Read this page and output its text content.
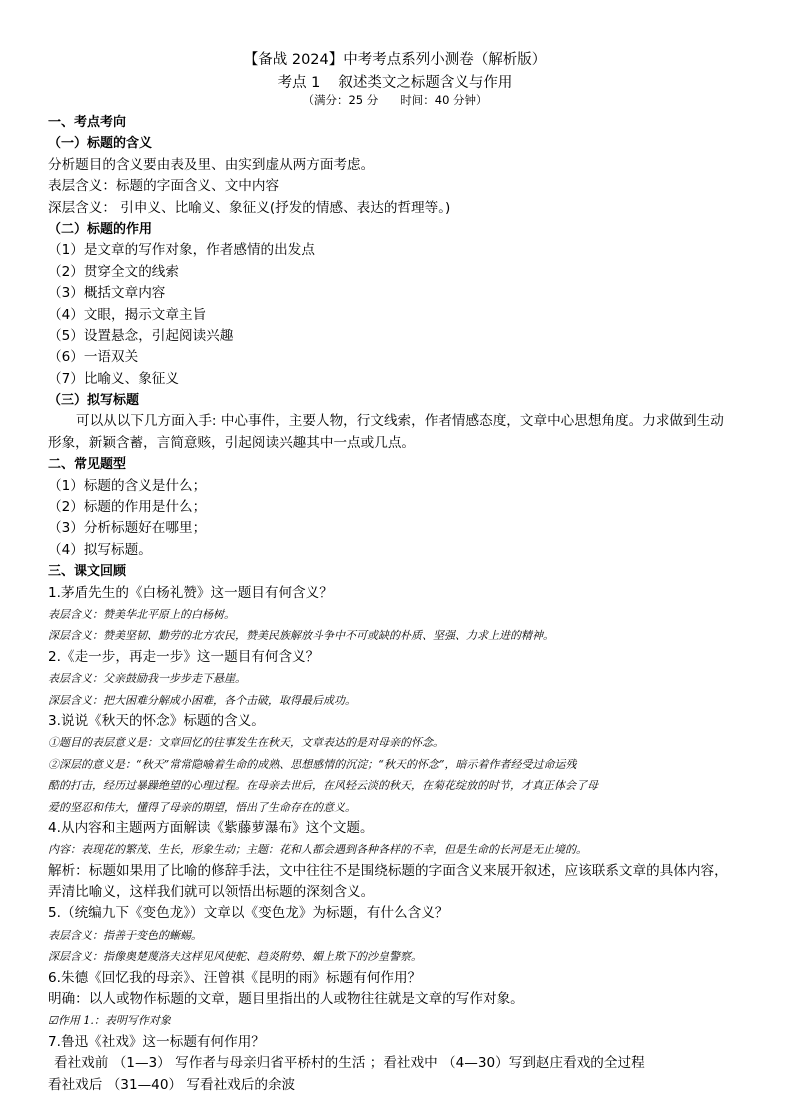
【备战 2024】中考考点系列小测卷（解析版）
考点 1 叙述类文之标题含义与作用
（满分：25 分 时间：40 分钟）
一、考点考向
（一）标题的含义
分析题目的含义要由表及里、由实到虚从两方面考虑。
表层含义：标题的字面含义、文中内容
深层含义： 引申义、比喻义、象征义(抒发的情感、表达的哲理等。)
（二）标题的作用
（1）是文章的写作对象，作者感情的出发点
（2）贯穿全文的线索
（3）概括文章内容
（4）文眼，揭示文章主旨
（5）设置悬念，引起阅读兴趣
（6）一语双关
（7）比喻义、象征义
（三）拟写标题
可以从以下几方面入手: 中心事件，主要人物，行文线索，作者情感态度，文章中心思想角度。力求做到生动
形象，新颖含蓄，言简意赅，引起阅读兴趣其中一点或几点。
二、常见题型
（1）标题的含义是什么；
（2）标题的作用是什么；
（3）分析标题好在哪里；
（4）拟写标题。
三、课文回顾
1.茅盾先生的《白杨礼赞》这一题目有何含义？
表层含义：赞美华北平原上的白杨树。
深层含义：赞美坚韧、勤劳的北方农民，赞美民族解放斗争中不可或缺的朴质、坚强、力求上进的精神。
2.《走一步，再走一步》这一题目有何含义？
表层含义：父亲鼓励我一步步走下悬崖。
深层含义：把大困难分解成小困难，各个击破，取得最后成功。
3.说说《秋天的怀念》标题的含义。
①题目的表层意义是：文章回忆的往事发生在秋天，文章表达的是对母亲的怀念。
②深层的意义是：“秋天”常常隐喻着生命的成熟、思想感情的沉淀；“秋天的怀念”，暗示着作者经受过命运残
酷的打击，经历过暴躁绝望的心理过程。在母亲去世后，在风轻云淡的秋天，在菊花绽放的时节，才真正体会了母
爱的坚忍和伟大，懂得了母亲的期望，悟出了生命存在的意义。
4.从内容和主题两方面解读《紫藤萝瀑布》这个文题。
内容：表现花的繁茂、生长，形象生动；主题：花和人都会遇到各种各样的不幸，但是生命的长河是无止境的。
解析：标题如果用了比喻的修辞手法，文中往往不是围绕标题的字面含义来展开叙述，应该联系文章的具体内容，
弄清比喻义，这样我们就可以领悟出标题的深刻含义。
5.（统编九下《变色龙》）文章以《变色龙》为标题，有什么含义？
表层含义：指善于变色的蜥蜴。
深层含义：指像奥楚蔑洛夫这样见风使舵、趋炎附势、媚上欺下的沙皇警察。
6.朱德《回忆我的母亲》、汪曾祺《昆明的雨》标题有何作用？
明确：以人或物作标题的文章，题目里指出的人或物往往就是文章的写作对象。
☑作用 1.：表明写作对象
7.鲁迅《社戏》这一标题有何作用？
看社戏前 （1—3） 写作者与母亲归省平桥村的生活 ；看社戏中 （4—30）写到赵庄看戏的全过程
看社戏后 （31—40） 写看社戏后的余波
